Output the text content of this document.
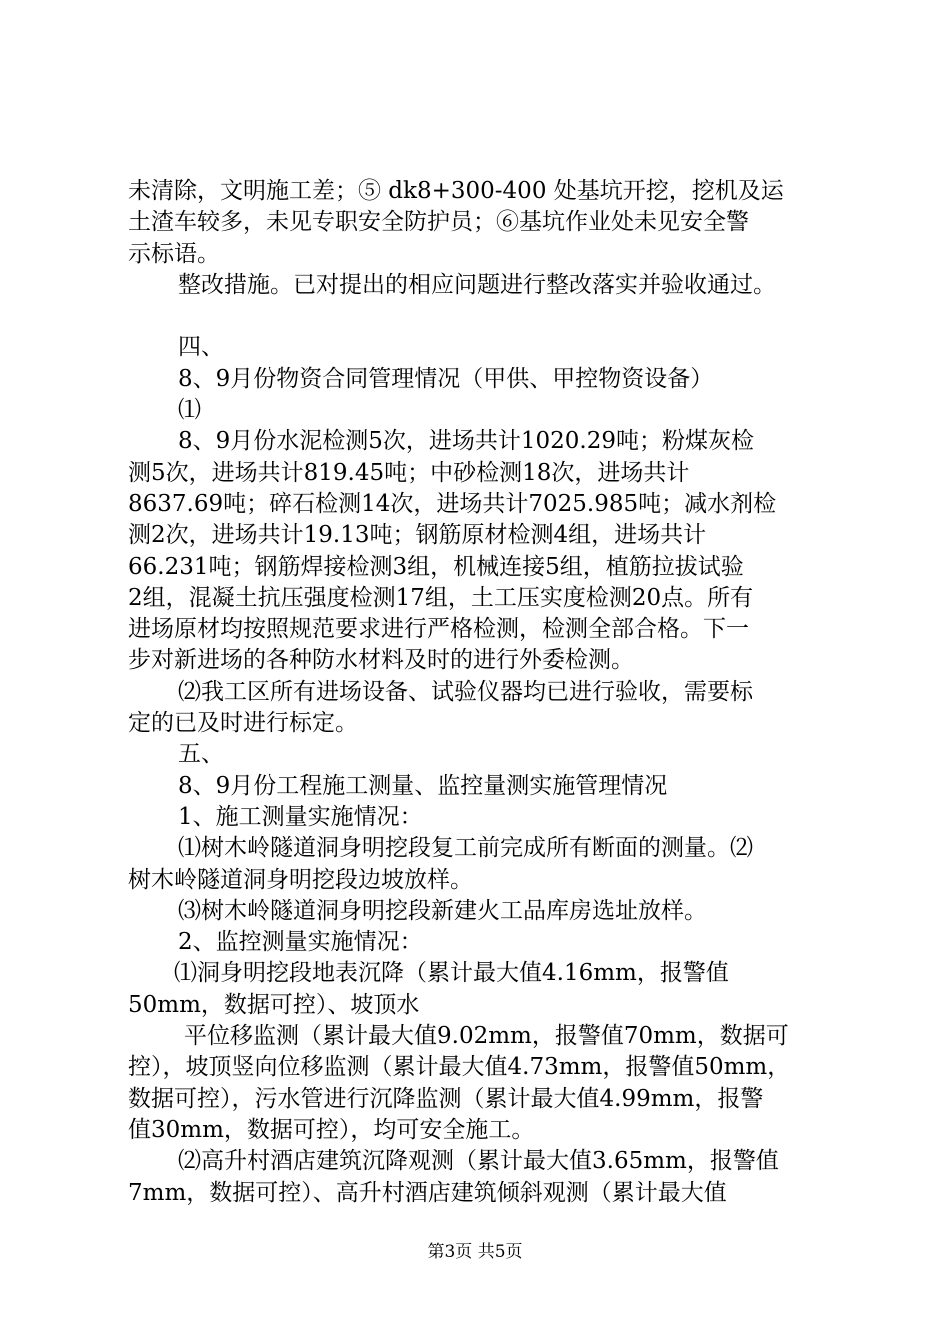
未清除，文明施工差；⑤ dk8+300-400 处基坑开挖，挖机及运
土渣车较多，未见专职安全防护员；⑥基坑作业处未见安全警
示标语。
整改措施。已对提出的相应问题进行整改落实并验收通过。
四、
8、9月份物资合同管理情况（甲供、甲控物资设备）
⑴
8、9月份水泥检测5次，进场共计1020.29吨；粉煤灰检
测5次，进场共计819.45吨；中砂检测18次，进场共计
8637.69吨；碎石检测14次，进场共计7025.985吨；减水剂检
测2次，进场共计19.13吨；钢筋原材检测4组，进场共计
66.231吨；钢筋焊接检测3组，机械连接5组，植筋拉拔试验
2组，混凝土抗压强度检测17组，土工压实度检测20点。所有
进场原材均按照规范要求进行严格检测，检测全部合格。下一
步对新进场的各种防水材料及时的进行外委检测。
⑵我工区所有进场设备、试验仪器均已进行验收，需要标
定的已及时进行标定。
五、
8、9月份工程施工测量、监控量测实施管理情况
1、施工测量实施情况：
⑴树木岭隧道洞身明挖段复工前完成所有断面的测量。⑵
树木岭隧道洞身明挖段边坡放样。
⑶树木岭隧道洞身明挖段新建火工品库房选址放样。
2、监控测量实施情况：
⑴洞身明挖段地表沉降（累计最大值4.16mm，报警值
50mm，数据可控）、坡顶水
平位移监测（累计最大值9.02mm，报警值70mm，数据可
控），坡顶竖向位移监测（累计最大值4.73mm，报警值50mm，
数据可控），污水管进行沉降监测（累计最大值4.99mm，报警
值30mm，数据可控），均可安全施工。
⑵高升村酒店建筑沉降观测（累计最大值3.65mm，报警值
7mm，数据可控）、高升村酒店建筑倾斜观测（累计最大值
第3页 共5页
